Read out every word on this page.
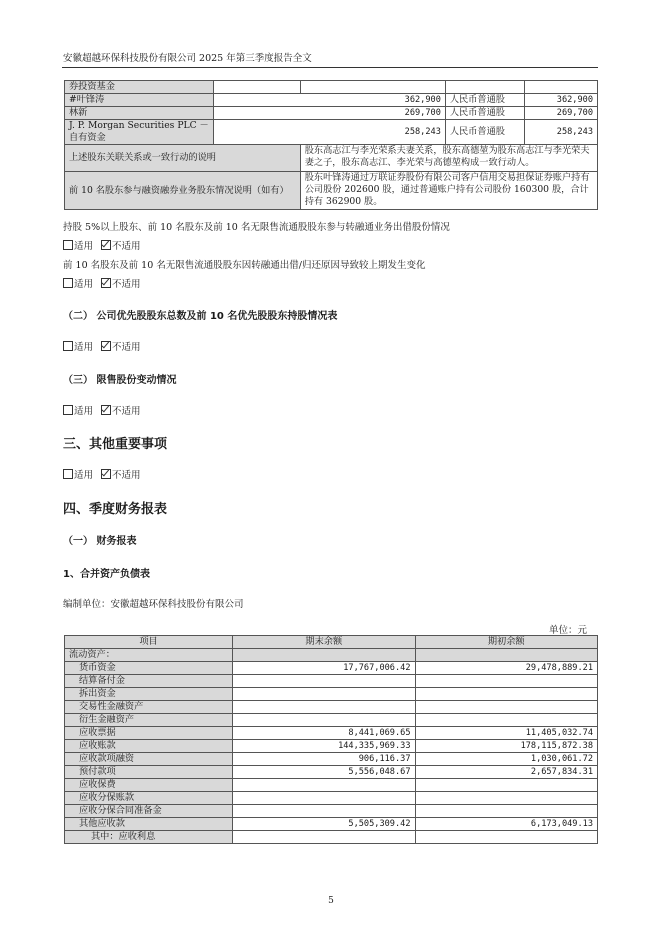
安徽超越环保科技股份有限公司 2025 年第三季度报告全文
券投资基金				
#叶锋涛	362,900		人民币普通股	362,900
林新	269,700		人民币普通股	269,700
J. P. Morgan Securities PLC －自有资金	258,243		人民币普通股	258,243
上述股东关联关系或一致行动的说明		股东高志江与李光荣系夫妻关系，股东高德堃为股东高志江与李光荣夫妻之子，股东高志江、李光荣与高德堃构成一致行动人。		
前 10 名股东参与融资融券业务股东情况说明（如有）		股东叶锋涛通过万联证券股份有限公司客户信用交易担保证券账户持有公司股份 202600 股，通过普通账户持有公司股份 160300 股，合计持有 362900 股。		
持股 5%以上股东、前 10 名股东及前 10 名无限售流通股股东参与转融通业务出借股份情况
适用 不适用
前 10 名股东及前 10 名无限售流通股股东因转融通出借/归还原因导致较上期发生变化
适用 不适用
（二） 公司优先股股东总数及前 10 名优先股股东持股情况表
适用 不适用
（三） 限售股份变动情况
适用 不适用
三、其他重要事项
适用 不适用
四、季度财务报表
（一） 财务报表
1、合并资产负债表
编制单位：安徽超越环保科技股份有限公司
单位：元
项目	期末余额	期初余额
流动资产：		
货币资金	17,767,006.42	29,478,889.21
结算备付金		
拆出资金		
交易性金融资产		
衍生金融资产		
应收票据	8,441,069.65	11,405,032.74
应收账款	144,335,969.33	178,115,872.38
应收款项融资	906,116.37	1,030,061.72
预付款项	5,556,048.67	2,657,834.31
应收保费		
应收分保账款		
应收分保合同准备金		
其他应收款	5,505,309.42	6,173,049.13
其中：应收利息		
5
